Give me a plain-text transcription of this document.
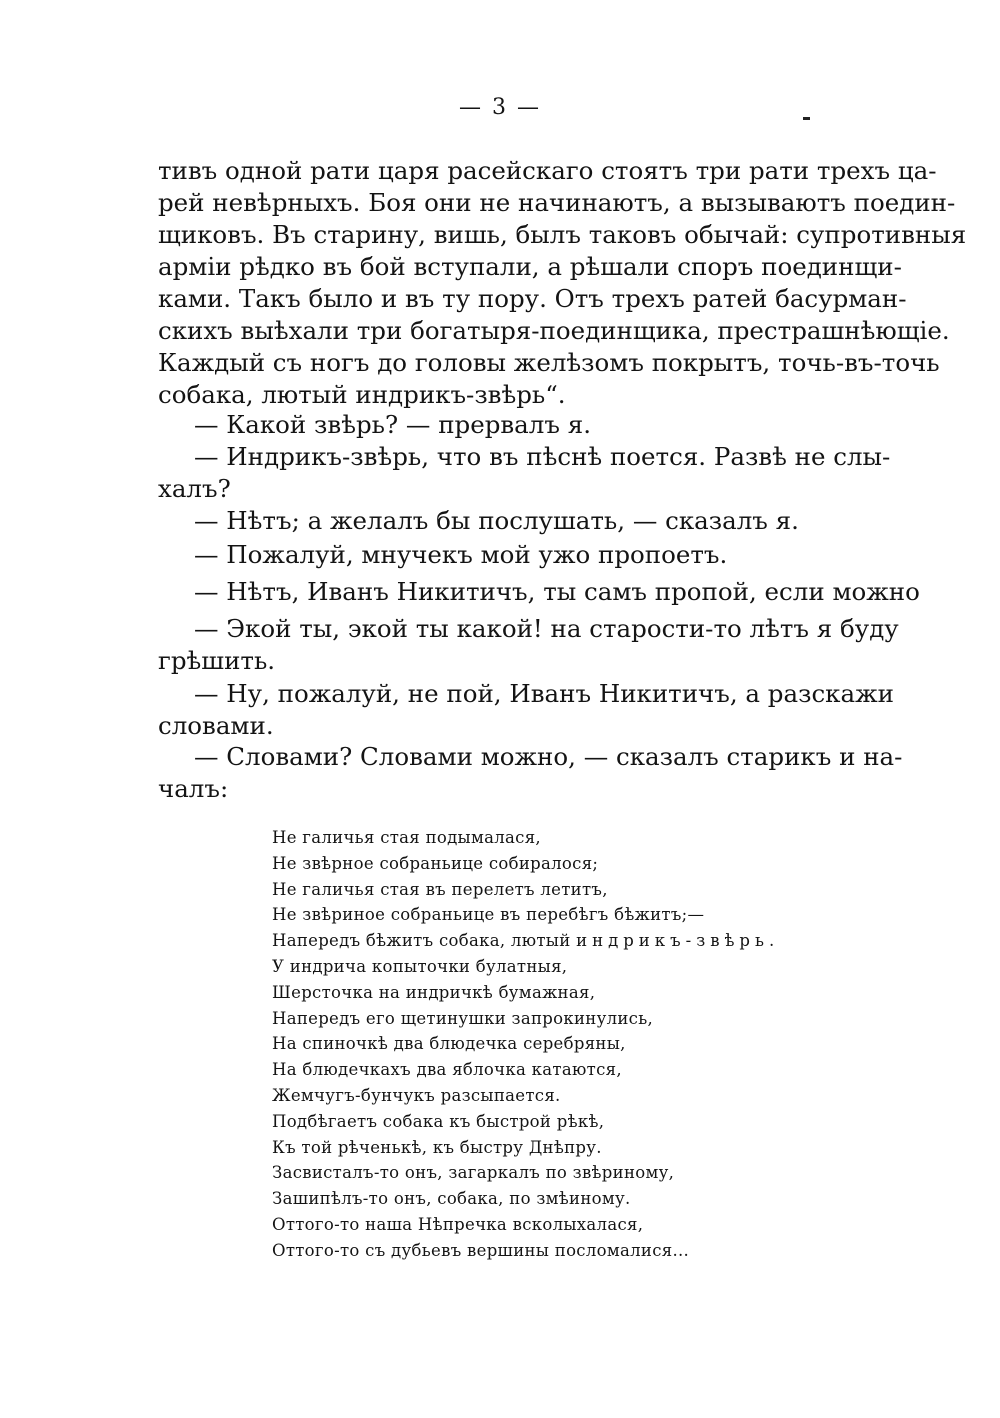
— 3 —

тивъ одной рати царя расейскаго стоятъ три рати трехъ ца-

рей невѣрныхъ. Боя они не начинаютъ, а вызываютъ поедин-

щиковъ. Въ старину, вишь, былъ таковъ обычай: супротивныя

арміи рѣдко въ бой вступали, а рѣшали споръ поединщи-

ками. Такъ было и въ ту пору. Отъ трехъ ратей басурман-

скихъ выѣхали три богатыря-поединщика, престрашнѣющіе.

Каждый съ ногъ до головы желѣзомъ покрытъ, точь-въ-точь

собака, лютый индрикъ-звѣрь“.

— Какой звѣрь? — прервалъ я.

— Индрикъ-звѣрь, что въ пѣснѣ поется. Развѣ не слы-

халъ?

— Нѣтъ; а желалъ бы послушать, — сказалъ я.

— Пожалуй, мнучекъ мой ужо пропоетъ.

— Нѣтъ, Иванъ Никитичъ, ты самъ пропой, если можно

— Экой ты, экой ты какой! на старости-то лѣтъ я буду

грѣшить.

— Ну, пожалуй, не пой, Иванъ Никитичъ, а разскажи

словами.

— Словами? Словами можно, — сказалъ старикъ и на-

чалъ:

Не галичья стая подымалася,

Не звѣрное собраньице собиралося;

Не галичья стая въ перелетъ летитъ,

Не звѣриное собраньице въ перебѣгъ бѣжитъ;—

Напередъ бѣжитъ собака, лютый индрикъ-звѣрь.

У индрича копыточки булатныя,

Шерсточка на индричкѣ бумажная,

Напередъ его щетинушки запрокинулись,

На спиночкѣ два блюдечка серебряны,

На блюдечкахъ два яблочка катаются,

Жемчугъ-бунчукъ разсыпается.

Подбѣгаетъ собака къ быстрой рѣкѣ,

Къ той рѣченькѣ, къ быстру Днѣпру.

Засвисталъ-то онъ, загаркалъ по звѣриному,

Зашипѣлъ-то онъ, собака, по змѣиному.

Оттого-то наша Нѣпречка всколыхалася,

Оттого-то съ дубьевъ вершины посломалися...
